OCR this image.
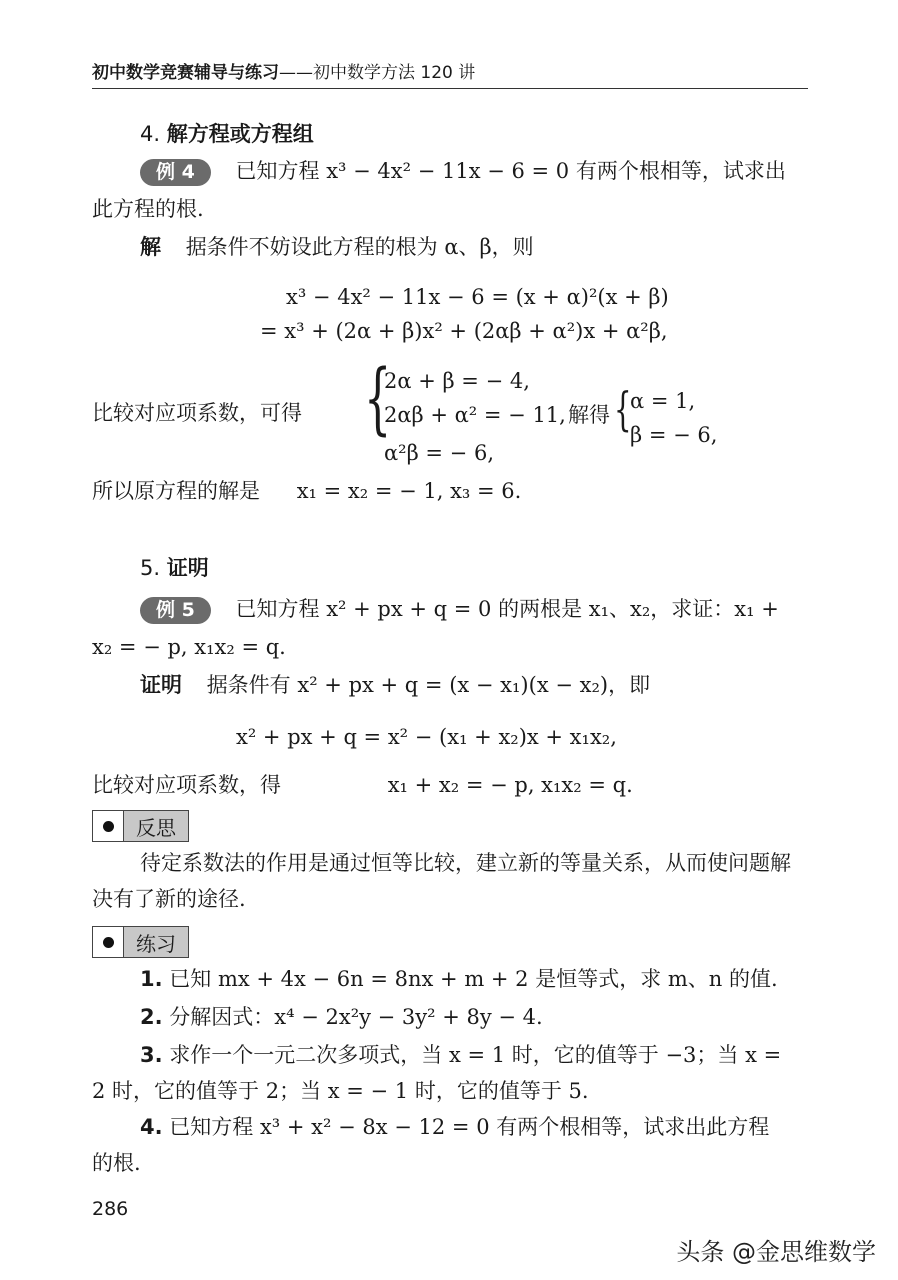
初中数学竞赛辅导与练习——初中数学方法 120 讲
4. 解方程或方程组
例 4 已知方程 x³ − 4x² − 11x − 6 = 0 有两个根相等，试求出
此方程的根.
解 据条件不妨设此方程的根为 α、β，则
x³ − 4x² − 11x − 6 = (x + α)²(x + β)
= x³ + (2α + β)x² + (2αβ + α²)x + α²β,
比较对应项系数，可得 {
2α + β = − 4,
2αβ + α² = − 11,
α²β = − 6,
解得 {
α = 1,
β = − 6,
所以原方程的解是 x₁ = x₂ = − 1, x₃ = 6.
5. 证明
例 5 已知方程 x² + px + q = 0 的两根是 x₁、x₂，求证：x₁ +
x₂ = − p, x₁x₂ = q.
证明 据条件有 x² + px + q = (x − x₁)(x − x₂)，即
x² + px + q = x² − (x₁ + x₂)x + x₁x₂,
比较对应项系数，得	x₁ + x₂ = − p, x₁x₂ = q.
反思
待定系数法的作用是通过恒等比较，建立新的等量关系，从而使问题解决有了新的途径.
练习
1. 已知 mx + 4x − 6n = 8nx + m + 2 是恒等式，求 m、n 的值.
2. 分解因式：x⁴ − 2x²y − 3y² + 8y − 4.
3. 求作一个一元二次多项式，当 x = 1 时，它的值等于 −3；当 x =
2 时，它的值等于 2；当 x = − 1 时，它的值等于 5.
4. 已知方程 x³ + x² − 8x − 12 = 0 有两个根相等，试求出此方程
的根.
286
头条 @金思维数学
